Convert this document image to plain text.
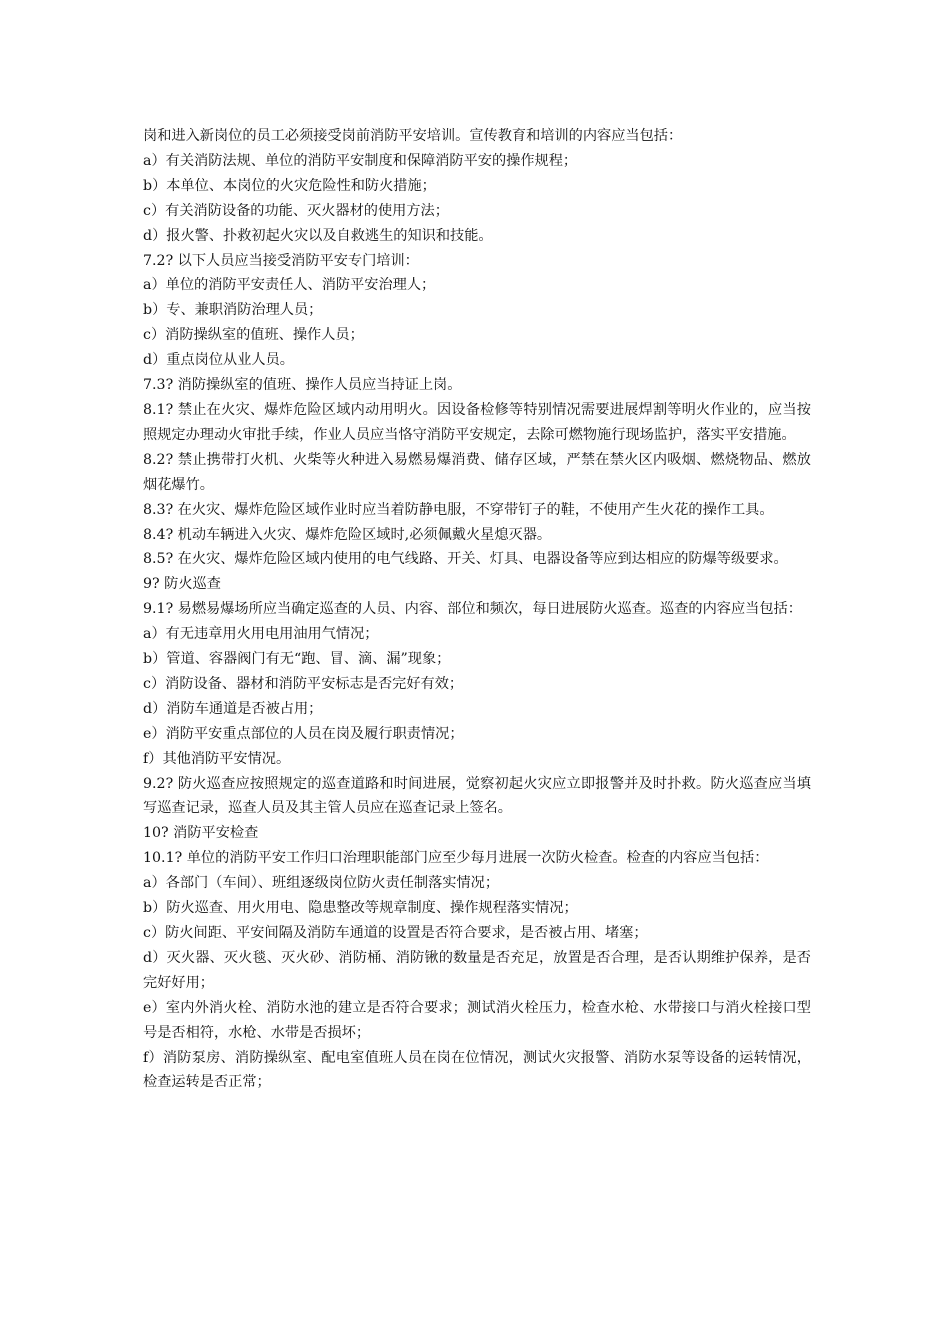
岗和进入新岗位的员工必须接受岗前消防平安培训。宣传教育和培训的内容应当包括：

a）有关消防法规、单位的消防平安制度和保障消防平安的操作规程；

b）本单位、本岗位的火灾危险性和防火措施；

c）有关消防设备的功能、灭火器材的使用方法；

d）报火警、扑救初起火灾以及自救逃生的知识和技能。

7.2? 以下人员应当接受消防平安专门培训：

a）单位的消防平安责任人、消防平安治理人；

b）专、兼职消防治理人员；

c）消防操纵室的值班、操作人员；

d）重点岗位从业人员。

7.3? 消防操纵室的值班、操作人员应当持证上岗。

8.1? 禁止在火灾、爆炸危险区域内动用明火。因设备检修等特别情况需要进展焊割等明火作业的，应当按照规定办理动火审批手续，作业人员应当恪守消防平安规定，去除可燃物施行现场监护，落实平安措施。

8.2? 禁止携带打火机、火柴等火种进入易燃易爆消费、储存区域，严禁在禁火区内吸烟、燃烧物品、燃放烟花爆竹。

8.3? 在火灾、爆炸危险区域作业时应当着防静电服，不穿带钉子的鞋，不使用产生火花的操作工具。

8.4? 机动车辆进入火灾、爆炸危险区域时,必须佩戴火星熄灭器。

8.5? 在火灾、爆炸危险区域内使用的电气线路、开关、灯具、电器设备等应到达相应的防爆等级要求。

9? 防火巡查

9.1? 易燃易爆场所应当确定巡查的人员、内容、部位和频次，每日进展防火巡查。巡查的内容应当包括：

a）有无违章用火用电用油用气情况；

b）管道、容器阀门有无“跑、冒、滴、漏”现象；

c）消防设备、器材和消防平安标志是否完好有效；

d）消防车通道是否被占用；

e）消防平安重点部位的人员在岗及履行职责情况；

f）其他消防平安情况。

9.2? 防火巡查应按照规定的巡查道路和时间进展，觉察初起火灾应立即报警并及时扑救。防火巡查应当填写巡查记录，巡查人员及其主管人员应在巡查记录上签名。

10? 消防平安检查

10.1? 单位的消防平安工作归口治理职能部门应至少每月进展一次防火检查。检查的内容应当包括：

a）各部门（车间）、班组逐级岗位防火责任制落实情况；

b）防火巡查、用火用电、隐患整改等规章制度、操作规程落实情况；

c）防火间距、平安间隔及消防车通道的设置是否符合要求，是否被占用、堵塞；

d）灭火器、灭火毯、灭火砂、消防桶、消防锹的数量是否充足，放置是否合理，是否认期维护保养，是否完好好用；

e）室内外消火栓、消防水池的建立是否符合要求；测试消火栓压力，检查水枪、水带接口与消火栓接口型号是否相符，水枪、水带是否损坏；

f）消防泵房、消防操纵室、配电室值班人员在岗在位情况，测试火灾报警、消防水泵等设备的运转情况，检查运转是否正常；
